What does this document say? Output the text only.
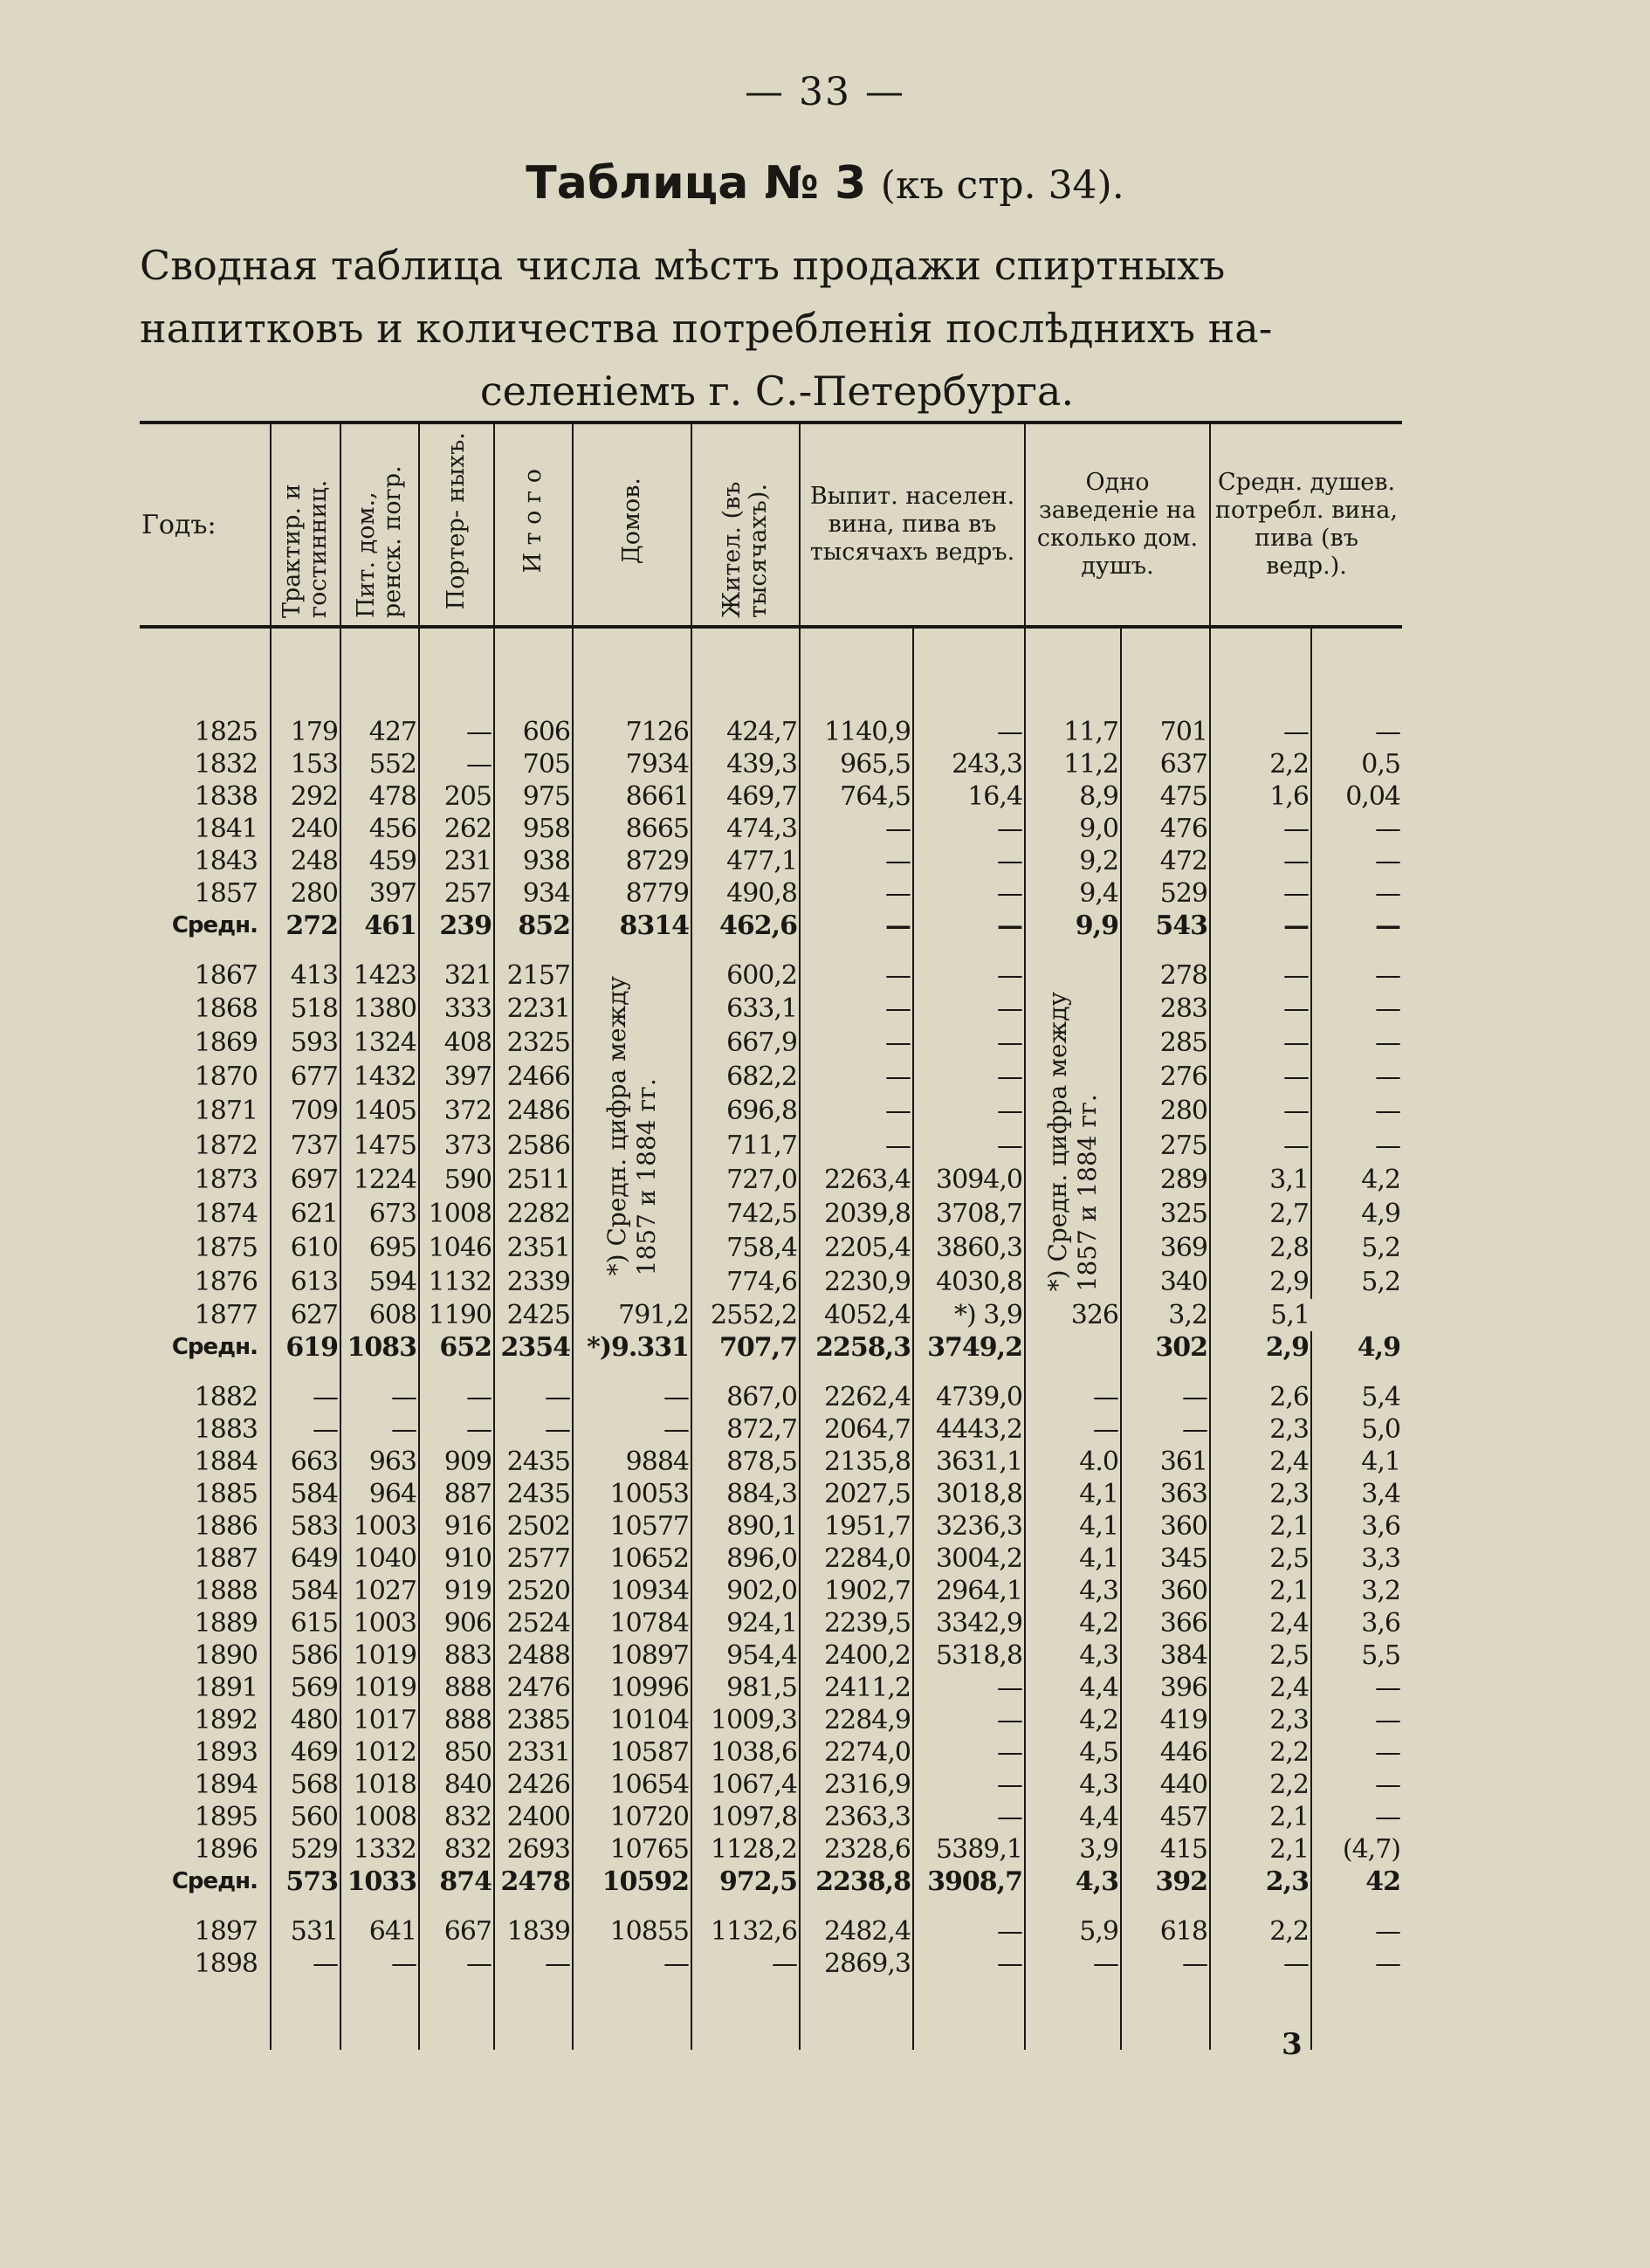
— 33 —
Таблица № 3 (къ стр. 34).
Сводная таблица числа мѣстъ продажи спиртныхъ
напитковъ и количества потребленія послѣднихъ на-
селеніемъ г. С.-Петербурга.
Годъ:	Трактир. и гостинниц.	Пит. дом., ренск. погр.	Портер- ныхъ.	И т о г о	Домов.	Жител. (въ тысячахъ).	Выпит. населен. вина, пива въ тысячахъ ведръ.		Одно заведеніе на сколько дом. душъ.		Средн. душев. потребл. вина, пива (въ ведр.).	

1825	179	427	—	606	7126	424,7	1140,9	—	11,7	701	—	—
1832	153	552	—	705	7934	439,3	965,5	243,3	11,2	637	2,2	0,5
1838	292	478	205	975	8661	469,7	764,5	16,4	8,9	475	1,6	0,04
1841	240	456	262	958	8665	474,3	—	—	9,0	476	—	—
1843	248	459	231	938	8729	477,1	—	—	9,2	472	—	—
1857	280	397	257	934	8779	490,8	—	—	9,4	529	—	—
Средн.	272	461	239	852	8314	462,6	—	—	9,9	543	—	—

1867	413	1423	321	2157	*) Средн. цифра между 1857 и 1884 гг.	600,2	—	—		278	—	—
1868	518	1380	333	2231		633,1	—	—	*) Средн. цифра между 1857 и 1884 гг.	283	—	—
1869	593	1324	408	2325		667,9	—	—		285	—	—
1870	677	1432	397	2466		682,2	—	—		276	—	—
1871	709	1405	372	2486		696,8	—	—		280	—	—
1872	737	1475	373	2586		711,7	—	—		275	—	—
1873	697	1224	590	2511		727,0	2263,4	3094,0		289	3,1	4,2
1874	621	673	1008	2282		742,5	2039,8	3708,7		325	2,7	4,9
1875	610	695	1046	2351		758,4	2205,4	3860,3		369	2,8	5,2
1876	613	594	1132	2339		774,6	2230,9	4030,8		340	2,9	5,2
1877	627	608	1190	2425	791,2	2552,2	4052,4	*) 3,9	326	3,2	5,1	
Средн.	619	1083	652	2354	*)9.331	707,7	2258,3	3749,2		302	2,9	4,9

1882	—	—	—	—	—	867,0	2262,4	4739,0	—	—	2,6	5,4
1883	—	—	—	—	—	872,7	2064,7	4443,2	—	—	2,3	5,0
1884	663	963	909	2435	9884	878,5	2135,8	3631,1	4.0	361	2,4	4,1
1885	584	964	887	2435	10053	884,3	2027,5	3018,8	4,1	363	2,3	3,4
1886	583	1003	916	2502	10577	890,1	1951,7	3236,3	4,1	360	2,1	3,6
1887	649	1040	910	2577	10652	896,0	2284,0	3004,2	4,1	345	2,5	3,3
1888	584	1027	919	2520	10934	902,0	1902,7	2964,1	4,3	360	2,1	3,2
1889	615	1003	906	2524	10784	924,1	2239,5	3342,9	4,2	366	2,4	3,6
1890	586	1019	883	2488	10897	954,4	2400,2	5318,8	4,3	384	2,5	5,5
1891	569	1019	888	2476	10996	981,5	2411,2	—	4,4	396	2,4	—
1892	480	1017	888	2385	10104	1009,3	2284,9	—	4,2	419	2,3	—
1893	469	1012	850	2331	10587	1038,6	2274,0	—	4,5	446	2,2	—
1894	568	1018	840	2426	10654	1067,4	2316,9	—	4,3	440	2,2	—
1895	560	1008	832	2400	10720	1097,8	2363,3	—	4,4	457	2,1	—
1896	529	1332	832	2693	10765	1128,2	2328,6	5389,1	3,9	415	2,1	(4,7)
Средн.	573	1033	874	2478	10592	972,5	2238,8	3908,7	4,3	392	2,3	42

1897	531	641	667	1839	10855	1132,6	2482,4	—	5,9	618	2,2	—
1898	—	—	—	—	—	—	2869,3	—	—	—	—	—

3
